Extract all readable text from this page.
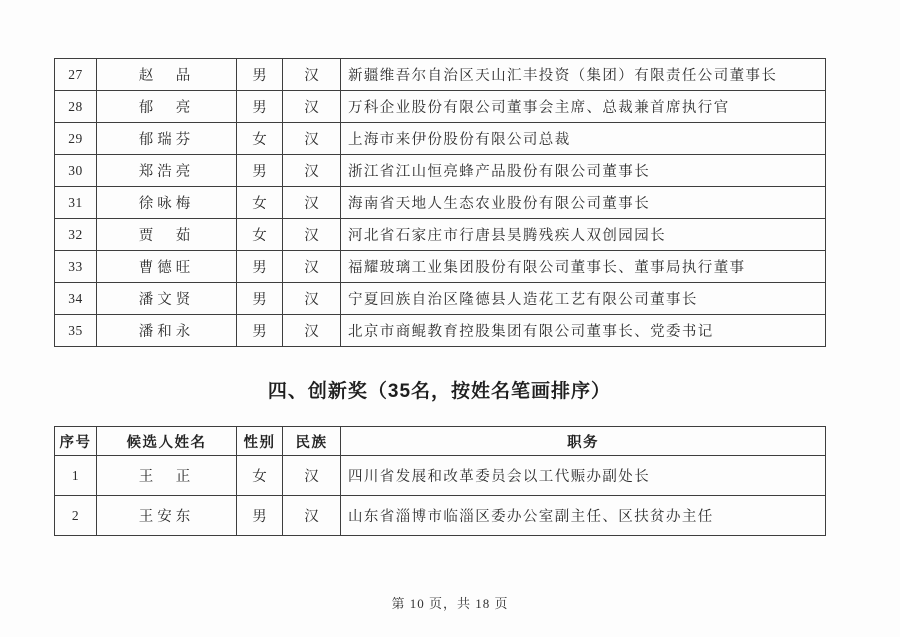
27	赵　品	男	汉	新疆维吾尔自治区天山汇丰投资（集团）有限责任公司董事长
28	郁　亮	男	汉	万科企业股份有限公司董事会主席、总裁兼首席执行官
29	郁瑞芬	女	汉	上海市来伊份股份有限公司总裁
30	郑浩亮	男	汉	浙江省江山恒亮蜂产品股份有限公司董事长
31	徐咏梅	女	汉	海南省天地人生态农业股份有限公司董事长
32	贾　茹	女	汉	河北省石家庄市行唐县昊腾残疾人双创园园长
33	曹德旺	男	汉	福耀玻璃工业集团股份有限公司董事长、董事局执行董事
34	潘文贤	男	汉	宁夏回族自治区隆德县人造花工艺有限公司董事长
35	潘和永	男	汉	北京市商鲲教育控股集团有限公司董事长、党委书记
四、创新奖（35名，按姓名笔画排序）
序号	候选人姓名	性别	民族	职务
1	王　正	女	汉	四川省发展和改革委员会以工代赈办副处长
2	王安东	男	汉	山东省淄博市临淄区委办公室副主任、区扶贫办主任
第 10 页，共 18 页
